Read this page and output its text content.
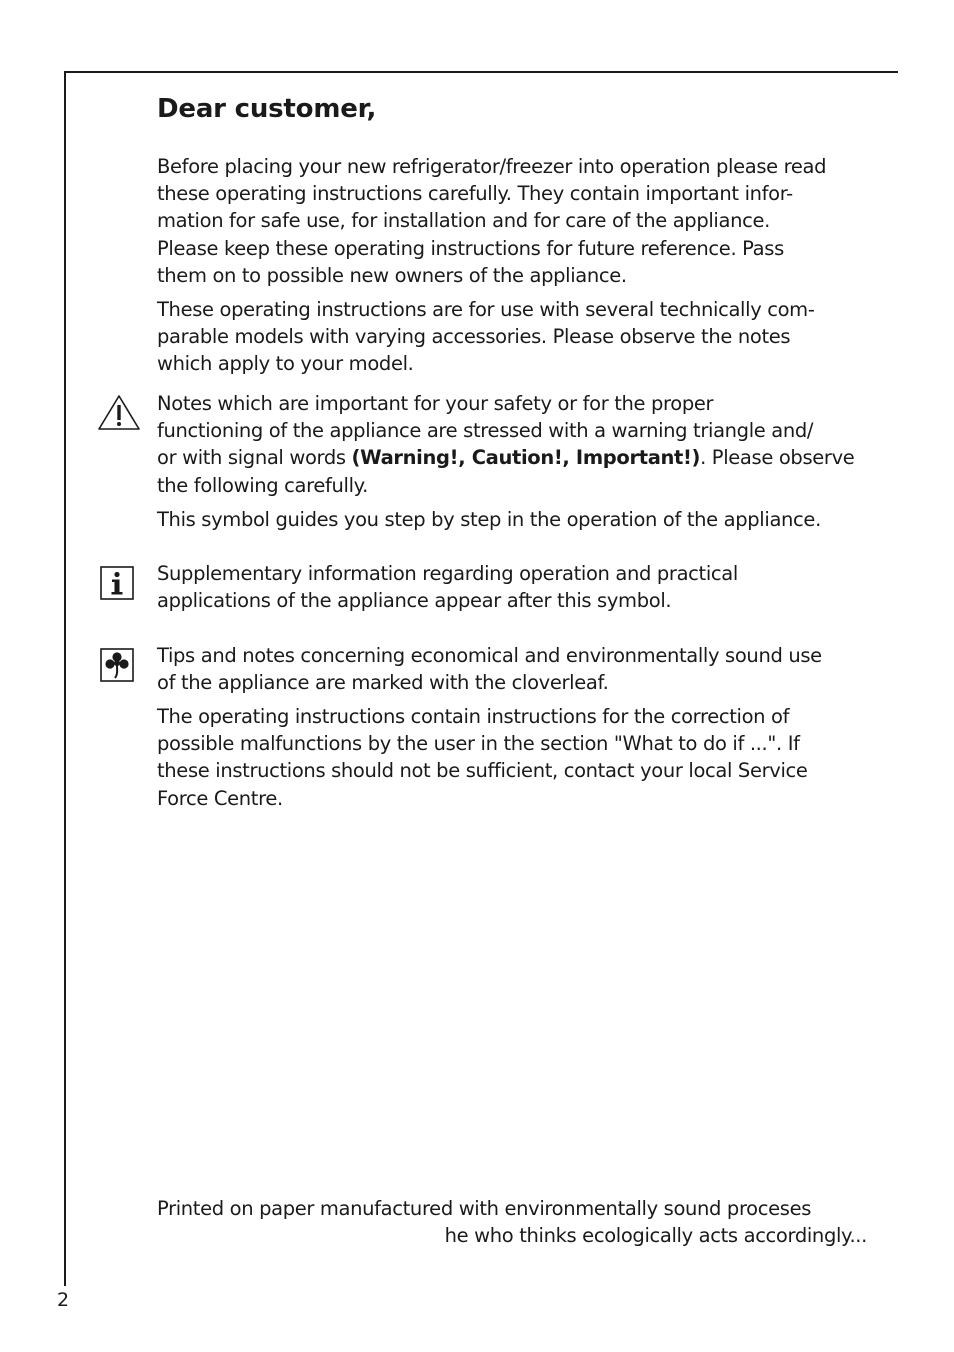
Dear customer,

Before placing your new refrigerator/freezer into operation please read
these operating instructions carefully. They contain important infor-
mation for safe use, for installation and for care of the appliance.
Please keep these operating instructions for future reference. Pass
them on to possible new owners of the appliance.

These operating instructions are for use with several technically com-
parable models with varying accessories. Please observe the notes
which apply to your model.

Notes which are important for your safety or for the proper
functioning of the appliance are stressed with a warning triangle and/
or with signal words (Warning!, Caution!, Important!). Please observe
the following carefully.

This symbol guides you step by step in the operation of the appliance.

Supplementary information regarding operation and practical
applications of the appliance appear after this symbol.

Tips and notes concerning economical and environmentally sound use
of the appliance are marked with the cloverleaf.

The operating instructions contain instructions for the correction of
possible malfunctions by the user in the section "What to do if ...". If
these instructions should not be sufficient, contact your local Service
Force Centre.

Printed on paper manufactured with environmentally sound proceses

he who thinks ecologically acts accordingly...

2
